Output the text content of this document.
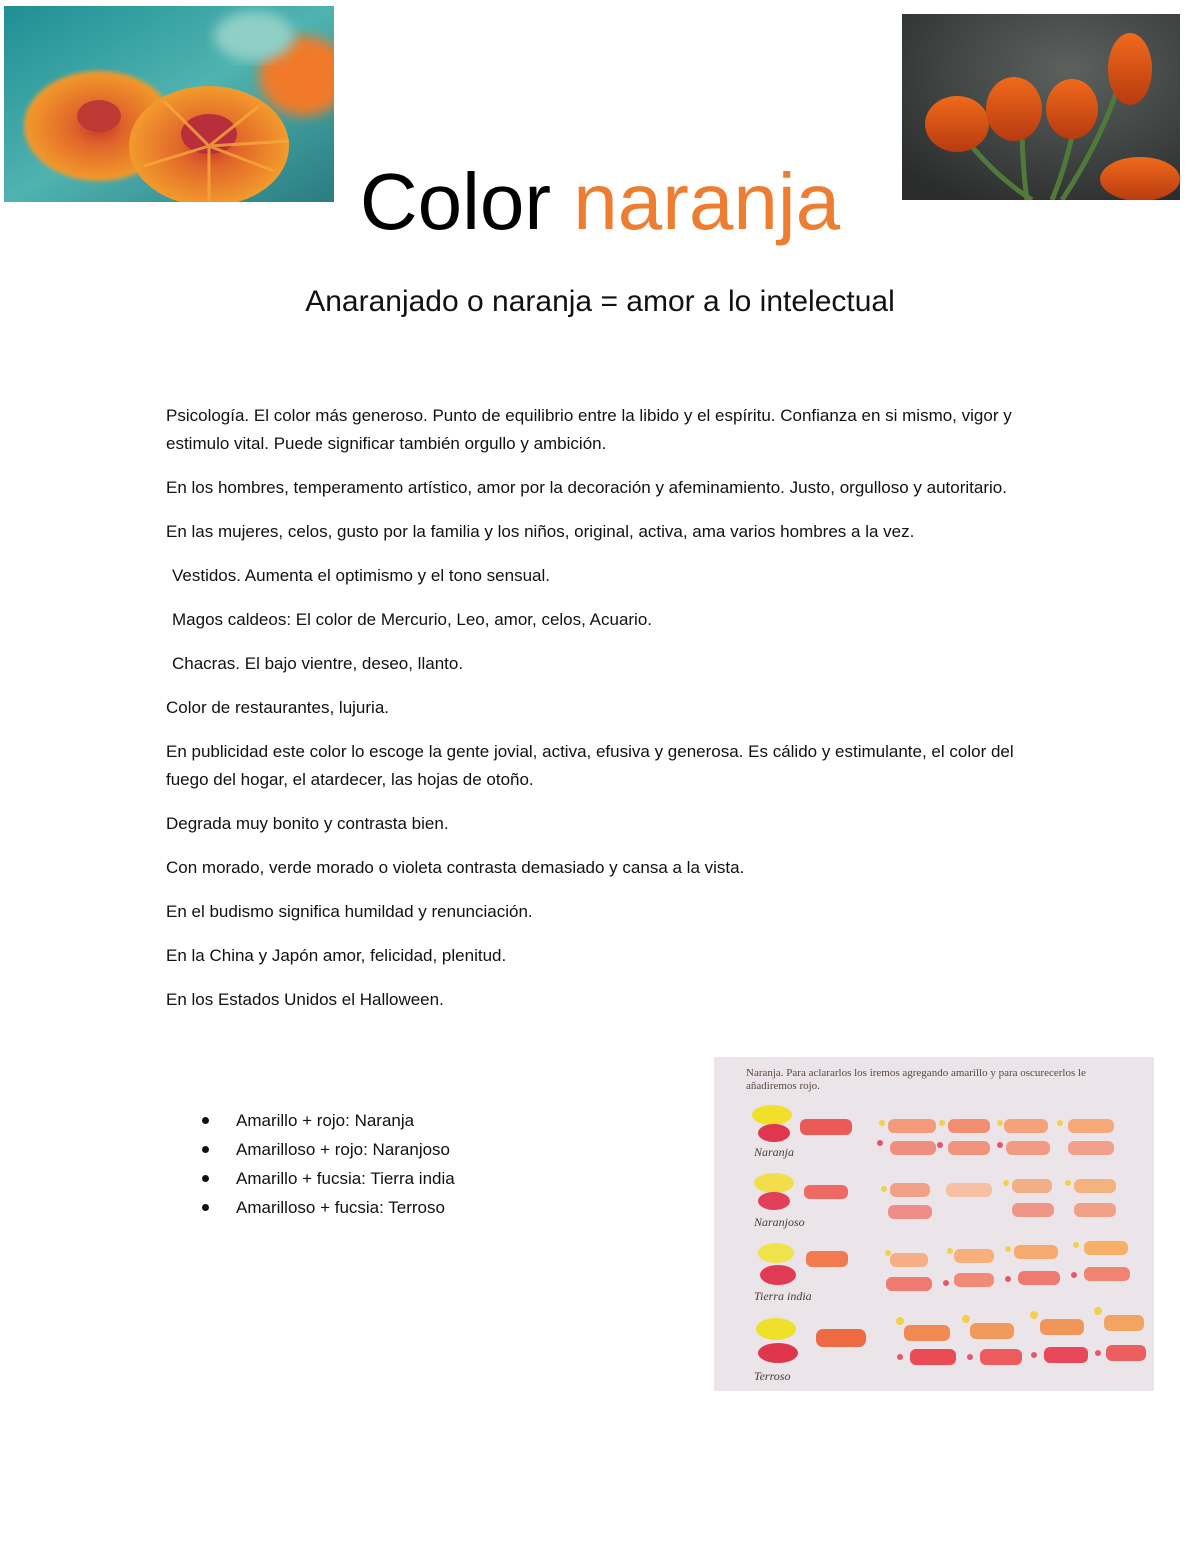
Color naranja
Anaranjado o naranja = amor a lo intelectual

Psicología. El color más generoso. Punto de equilibrio entre la libido y el espíritu. Confianza en si mismo, vigor y estimulo vital. Puede significar también orgullo y ambición.

En los hombres, temperamento artístico, amor por la decoración y afeminamiento. Justo, orgulloso y autoritario.

En las mujeres, celos, gusto por la familia y los niños, original, activa, ama varios hombres a la vez.

Vestidos. Aumenta el optimismo y el tono sensual.

Magos caldeos: El color de Mercurio, Leo, amor, celos, Acuario.

Chacras. El bajo vientre, deseo, llanto.

Color de restaurantes, lujuria.

En publicidad este color lo escoge la gente jovial, activa, efusiva y generosa. Es cálido y estimulante, el color del fuego del hogar, el atardecer, las hojas de otoño.

Degrada muy bonito y contrasta bien.

Con morado, verde morado o violeta contrasta demasiado y cansa a la vista.

En el budismo significa humildad y renunciación.

En la China y Japón amor, felicidad, plenitud.

En los Estados Unidos el Halloween.

Amarillo + rojo: Naranja
Amarilloso + rojo: Naranjoso
Amarillo + fucsia: Tierra india
Amarilloso + fucsia: Terroso
Naranja. Para aclararlos los iremos agregando amarillo y para oscurecerlos le añadiremos rojo.
Naranja
Naranjoso
Tierra india
Terroso
